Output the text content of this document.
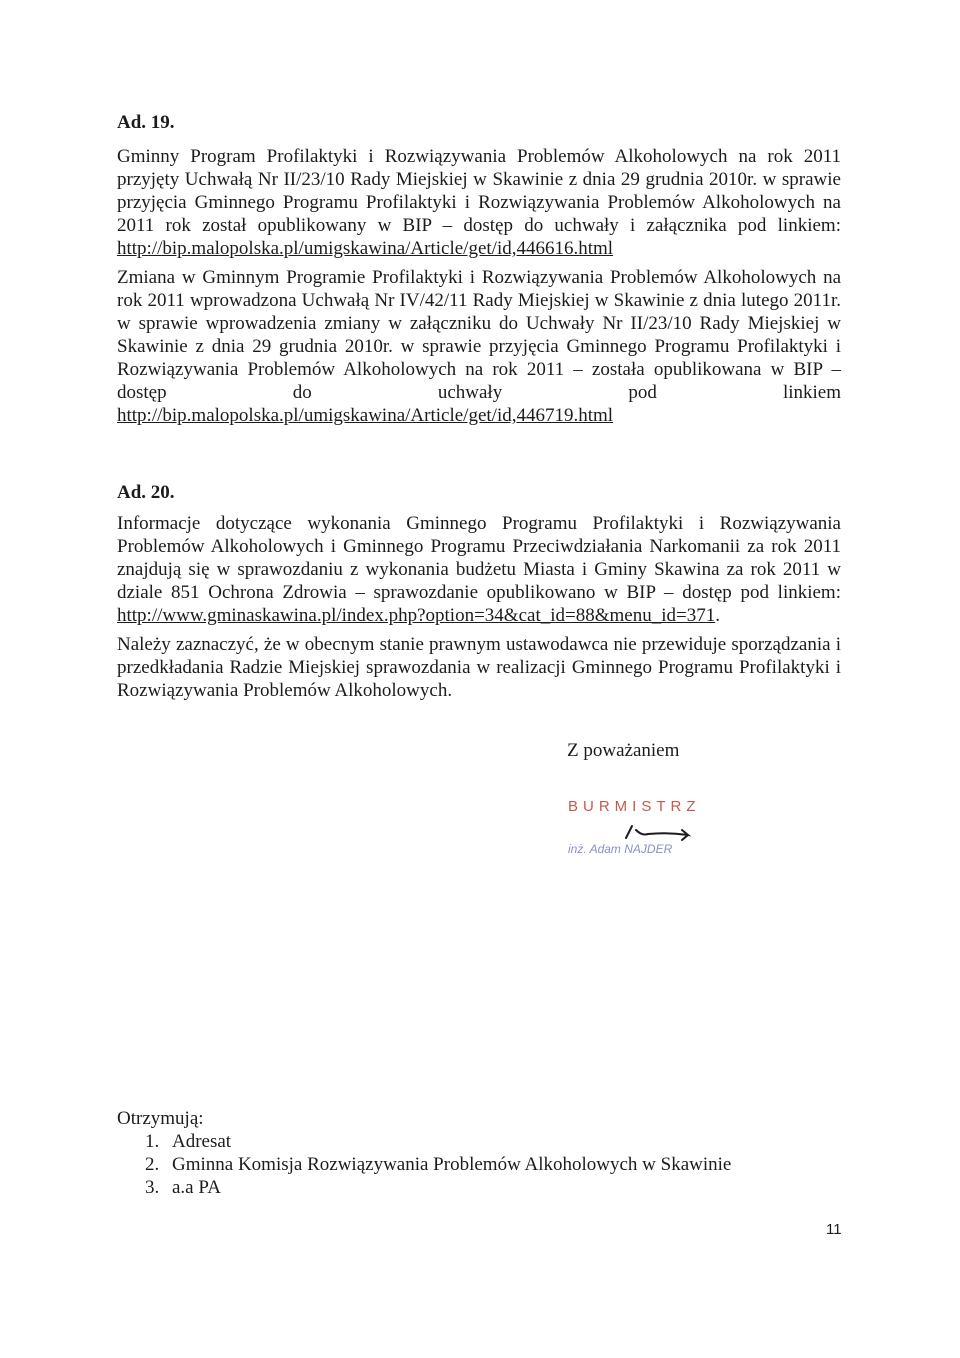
Ad. 19.

Gminny Program Profilaktyki i Rozwiązywania Problemów Alkoholowych na rok 2011 przyjęty Uchwałą Nr II/23/10 Rady Miejskiej w Skawinie z dnia 29 grudnia 2010r. w sprawie przyjęcia Gminnego Programu Profilaktyki i Rozwiązywania Problemów Alkoholowych na 2011 rok został opublikowany w BIP – dostęp do uchwały i załącznika pod linkiem: http://bip.malopolska.pl/umigskawina/Article/get/id,446616.html

Zmiana w Gminnym Programie Profilaktyki i Rozwiązywania Problemów Alkoholowych na rok 2011 wprowadzona Uchwałą Nr IV/42/11 Rady Miejskiej w Skawinie z dnia lutego 2011r. w sprawie wprowadzenia zmiany w załączniku do Uchwały Nr II/23/10 Rady Miejskiej w Skawinie z dnia 29 grudnia 2010r. w sprawie przyjęcia Gminnego Programu Profilaktyki i Rozwiązywania Problemów Alkoholowych na rok 2011 – została opublikowana w BIP – dostęp do uchwały pod linkiem http://bip.malopolska.pl/umigskawina/Article/get/id,446719.html

Ad. 20.

Informacje dotyczące wykonania Gminnego Programu Profilaktyki i Rozwiązywania Problemów Alkoholowych i Gminnego Programu Przeciwdziałania Narkomanii za rok 2011 znajdują się w sprawozdaniu z wykonania budżetu Miasta i Gminy Skawina za rok 2011 w dziale 851 Ochrona Zdrowia – sprawozdanie opublikowano w BIP – dostęp pod linkiem: http://www.gminaskawina.pl/index.php?option=34&cat_id=88&menu_id=371.

Należy zaznaczyć, że w obecnym stanie prawnym ustawodawca nie przewiduje sporządzania i przedkładania Radzie Miejskiej sprawozdania w realizacji Gminnego Programu Profilaktyki i Rozwiązywania Problemów Alkoholowych.

Z poważaniem
BURMISTRZ
inż. Adam NAJDER
Otrzymują:
1. Adresat
2. Gminna Komisja Rozwiązywania Problemów Alkoholowych w Skawinie
3. a.a PA
11
